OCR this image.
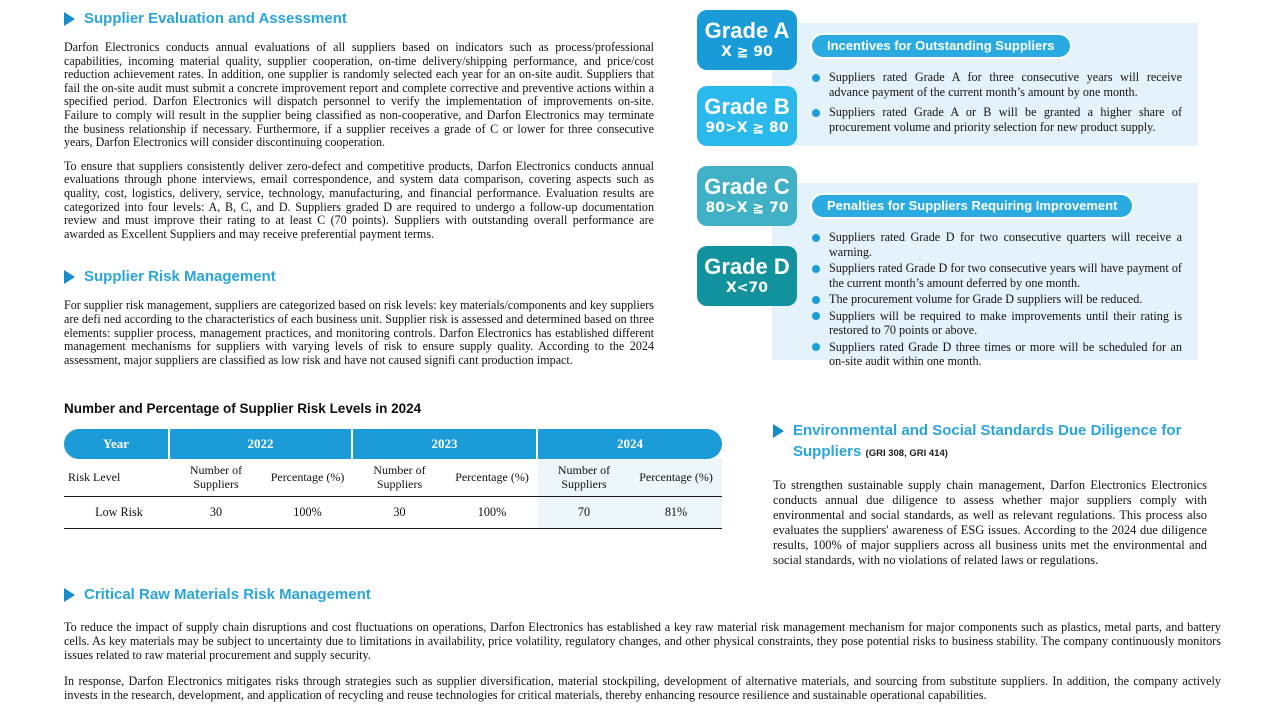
Supplier Evaluation and Assessment

Darfon Electronics conducts annual evaluations of all suppliers based on indicators such as process/professional capabilities, incoming material quality, supplier cooperation, on-time delivery/shipping performance, and price/cost reduction achievement rates. In addition, one supplier is randomly selected each year for an on-site audit. Suppliers that fail the on-site audit must submit a concrete improvement report and complete corrective and preventive actions within a specified period. Darfon Electronics will dispatch personnel to verify the implementation of improvements on-site. Failure to comply will result in the supplier being classified as non-cooperative, and Darfon Electronics may terminate the business relationship if necessary. Furthermore, if a supplier receives a grade of C or lower for three consecutive years, Darfon Electronics will consider discontinuing cooperation.

To ensure that suppliers consistently deliver zero-defect and competitive products, Darfon Electronics conducts annual evaluations through phone interviews, email correspondence, and system data comparison, covering aspects such as quality, cost, logistics, delivery, service, technology, manufacturing, and financial performance. Evaluation results are categorized into four levels: A, B, C, and D. Suppliers graded D are required to undergo a follow-up documentation review and must improve their rating to at least C (70 points). Suppliers with outstanding overall performance are awarded as Excellent Suppliers and may receive preferential payment terms.

Supplier Risk Management

For supplier risk management, suppliers are categorized based on risk levels: key materials/components and key suppliers are defi ned according to the characteristics of each business unit. Supplier risk is assessed and determined based on three elements: supplier process, management practices, and monitoring controls. Darfon Electronics has established different management mechanisms for suppliers with varying levels of risk to ensure supply quality. According to the 2024 assessment, major suppliers are classified as low risk and have not caused signifi cant production impact.

Number and Percentage of Supplier Risk Levels in 2024
Year	2022	2023	2024
Risk Level	Number of Suppliers	Percentage (%)	Number of Suppliers	Percentage (%)	Number of Suppliers	Percentage (%)
Low Risk	30	100%	30	100%	70	81%
Incentives for Outstanding Suppliers
Suppliers rated Grade A for three consecutive years will receive advance payment of the current month’s amount by one month.
Suppliers rated Grade A or B will be granted a higher share of procurement volume and priority selection for new product supply.
Penalties for Suppliers Requiring Improvement
Suppliers rated Grade D for two consecutive quarters will receive a warning.
Suppliers rated Grade D for two consecutive years will have payment of the current month’s amount deferred by one month.
The procurement volume for Grade D suppliers will be reduced.
Suppliers will be required to make improvements until their rating is restored to 70 points or above.
Suppliers rated Grade D three times or more will be scheduled for an on-site audit within one month.
Grade A
X ≧ 90
Grade B
90>X ≧ 80
Grade C
80>X ≧ 70
Grade D
X<70
Environmental and Social Standards Due Diligence for Suppliers (GRI 308, GRI 414)

To strengthen sustainable supply chain management, Darfon Electronics Electronics conducts annual due diligence to assess whether major suppliers comply with environmental and social standards, as well as relevant regulations. This process also evaluates the suppliers' awareness of ESG issues. According to the 2024 due diligence results, 100% of major suppliers across all business units met the environmental and social standards, with no violations of related laws or regulations.

Critical Raw Materials Risk Management

To reduce the impact of supply chain disruptions and cost fluctuations on operations, Darfon Electronics has established a key raw material risk management mechanism for major components such as plastics, metal parts, and battery cells. As key materials may be subject to uncertainty due to limitations in availability, price volatility, regulatory changes, and other physical constraints, they pose potential risks to business stability. The company continuously monitors issues related to raw material procurement and supply security.

In response, Darfon Electronics mitigates risks through strategies such as supplier diversification, material stockpiling, development of alternative materials, and sourcing from substitute suppliers. In addition, the company actively invests in the research, development, and application of recycling and reuse technologies for critical materials, thereby enhancing resource resilience and sustainable operational capabilities.
